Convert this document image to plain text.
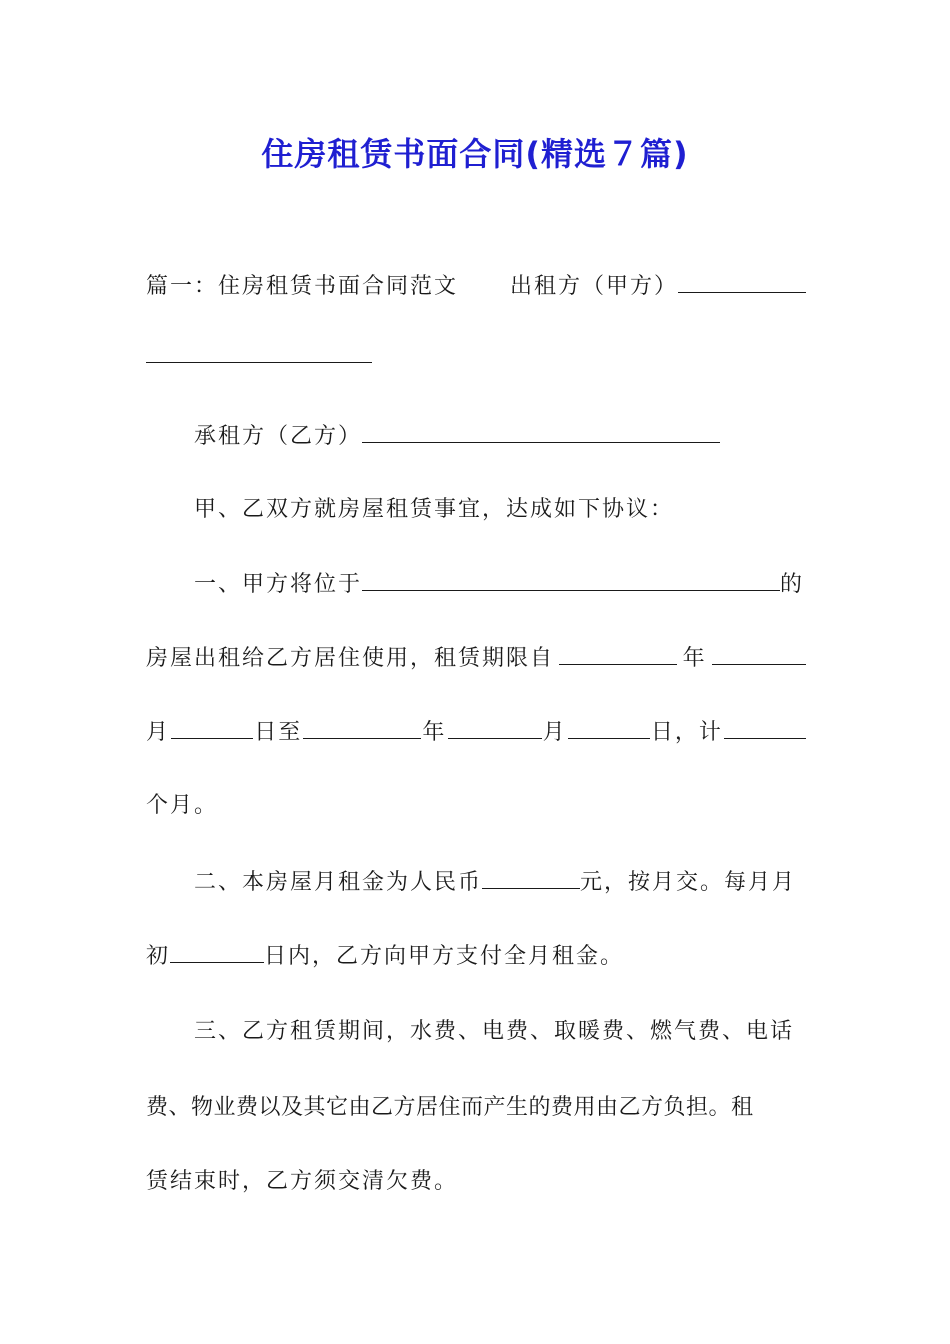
住房租赁书面合同(精选７篇)
篇一：住房租赁书面合同范文 出租方（甲方）
承租方（乙方）
甲、乙双方就房屋租赁事宜，达成如下协议：
一、甲方将位于	的
房屋出租给乙方居住使用，租赁期限自	年
月	日至	年	月	日，计
个月。
二、本房屋月租金为人民币	元，按月交。每月月
初	日内，乙方向甲方支付全月租金。
三、乙方租赁期间，水费、电费、取暖费、燃气费、电话
费、物业费以及其它由乙方居住而产生的费用由乙方负担。租
赁结束时，乙方须交清欠费。
